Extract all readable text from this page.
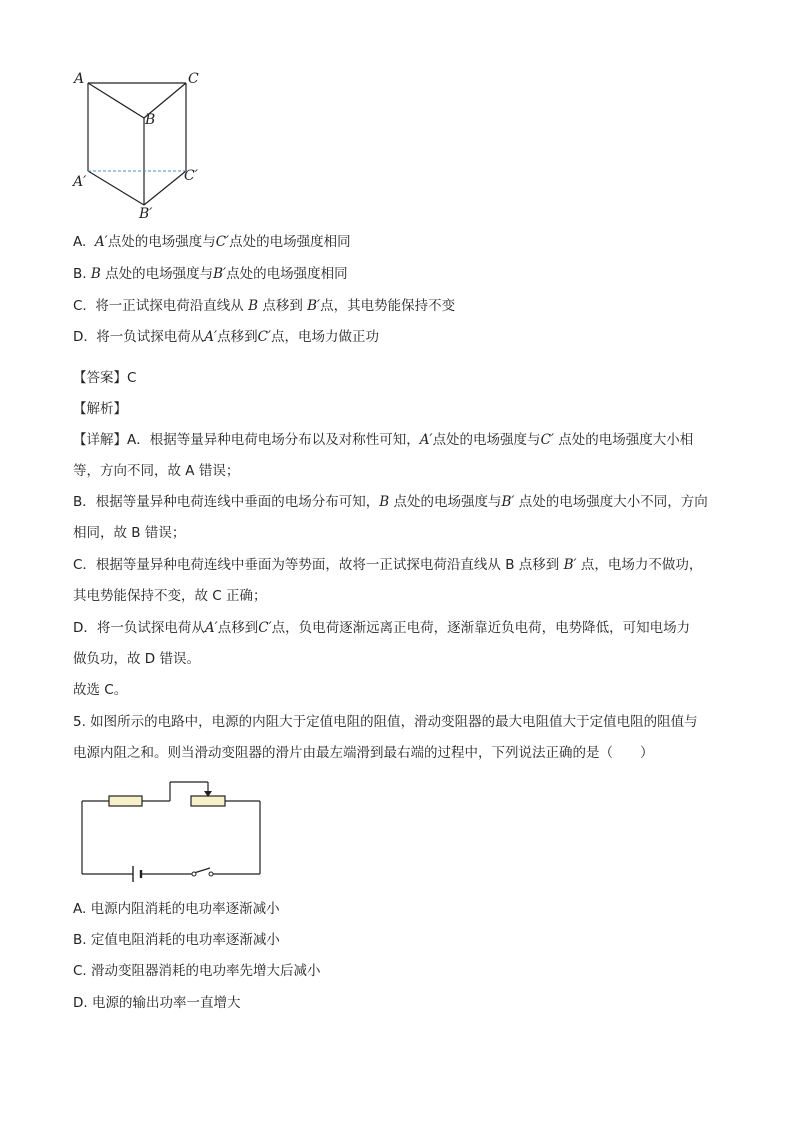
A	C
B
A′	C′
B′
A. A′点处的电场强度与C′点处的电场强度相同
B. B 点处的电场强度与B′点处的电场强度相同
C. 将一正试探电荷沿直线从 B 点移到 B′点，其电势能保持不变
D. 将一负试探电荷从A′点移到C′点，电场力做正功
【答案】C
【解析】
【详解】A．根据等量异种电荷电场分布以及对称性可知，A′点处的电场强度与C′ 点处的电场强度大小相
等，方向不同，故 A 错误；
B．根据等量异种电荷连线中垂面的电场分布可知，B 点处的电场强度与B′ 点处的电场强度大小不同，方向
相同，故 B 错误；
C．根据等量异种电荷连线中垂面为等势面，故将一正试探电荷沿直线从 B 点移到 B′ 点，电场力不做功，
其电势能保持不变，故 C 正确；
D．将一负试探电荷从A′点移到C′点，负电荷逐渐远离正电荷，逐渐靠近负电荷，电势降低，可知电场力
做负功，故 D 错误。
故选 C。
5. 如图所示的电路中，电源的内阻大于定值电阻的阻值，滑动变阻器的最大电阻值大于定值电阻的阻值与
电源内阻之和。则当滑动变阻器的滑片由最左端滑到最右端的过程中，下列说法正确的是（　　）
A. 电源内阻消耗的电功率逐渐减小
B. 定值电阻消耗的电功率逐渐减小
C. 滑动变阻器消耗的电功率先增大后减小
D. 电源的输出功率一直增大
